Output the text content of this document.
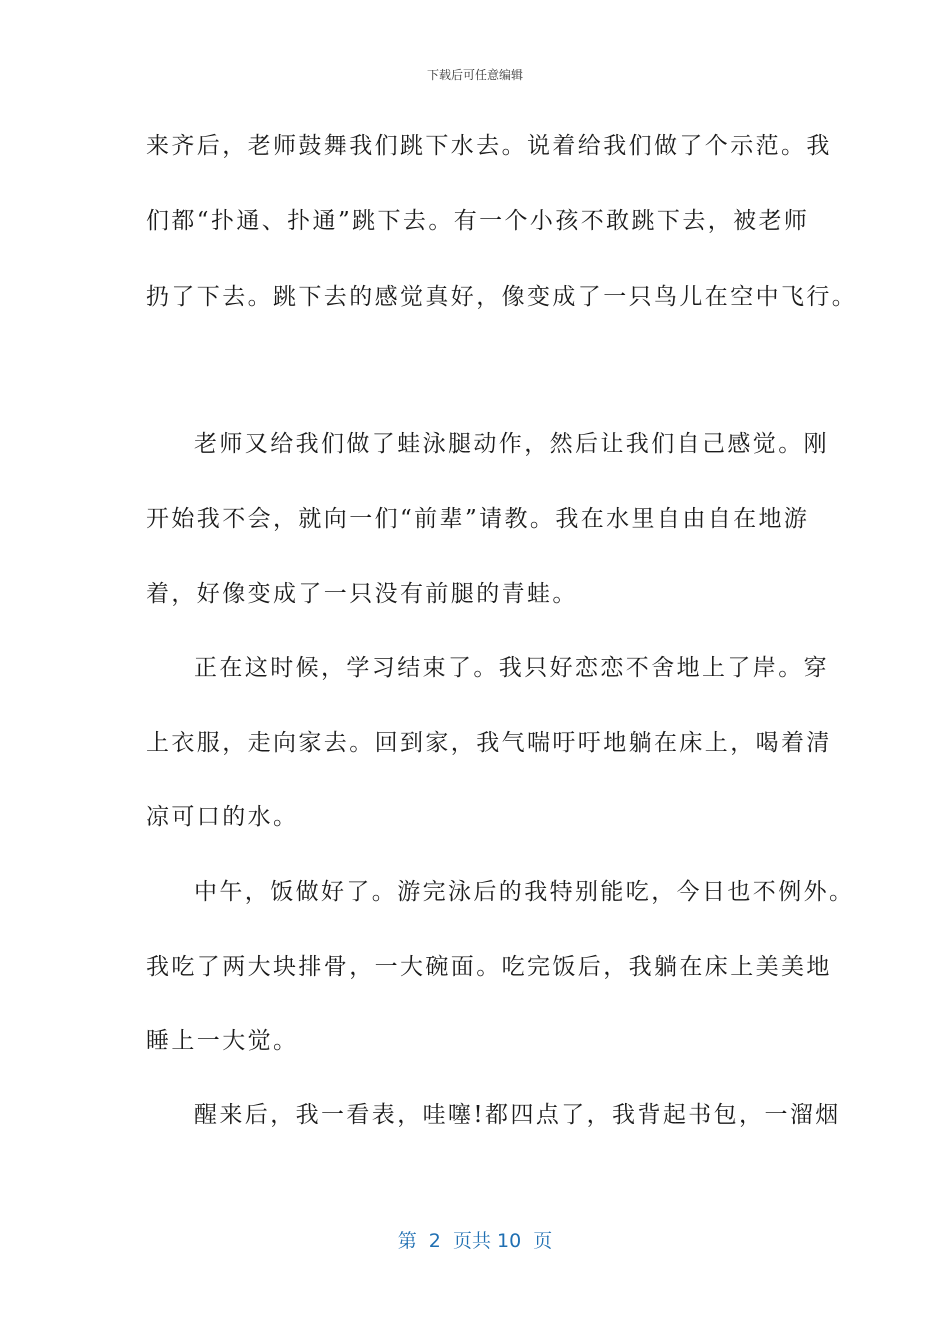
下载后可任意编辑
来齐后，老师鼓舞我们跳下水去。说着给我们做了个示范。我
们都“扑通、扑通”跳下去。有一个小孩不敢跳下去，被老师
扔了下去。跳下去的感觉真好，像变成了一只鸟儿在空中飞行。
老师又给我们做了蛙泳腿动作，然后让我们自己感觉。刚
开始我不会，就向一们“前辈”请教。我在水里自由自在地游
着，好像变成了一只没有前腿的青蛙。
正在这时候，学习结束了。我只好恋恋不舍地上了岸。穿
上衣服，走向家去。回到家，我气喘吁吁地躺在床上，喝着清
凉可口的水。
中午，饭做好了。游完泳后的我特别能吃，今日也不例外。
我吃了两大块排骨，一大碗面。吃完饭后，我躺在床上美美地
睡上一大觉。
醒来后，我一看表，哇噻!都四点了，我背起书包，一溜烟
第  2  页共 10  页
